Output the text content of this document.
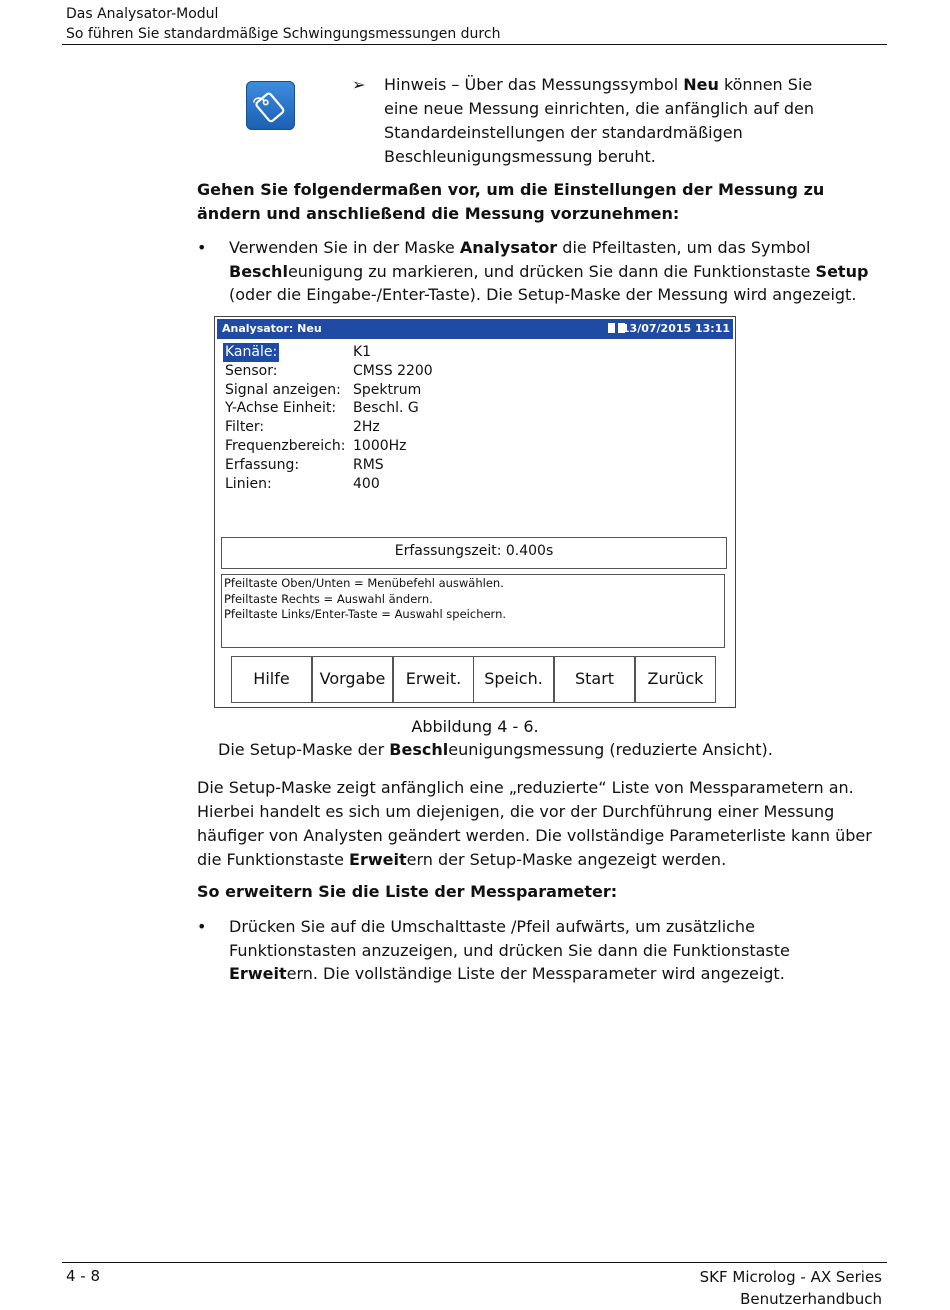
Das Analysator-Modul
So führen Sie standardmäßige Schwingungsmessungen durch
➢ Hinweis – Über das Messungssymbol Neu können Sie eine neue Messung einrichten, die anfänglich auf den Standardeinstellungen der standardmäßigen Beschleunigungsmessung beruht.
Gehen Sie folgendermaßen vor, um die Einstellungen der Messung zu ändern und anschließend die Messung vorzunehmen:
• Verwenden Sie in der Maske Analysator die Pfeiltasten, um das Symbol Beschleunigung zu markieren, und drücken Sie dann die Funktionstaste Setup (oder die Eingabe-/Enter-Taste). Die Setup-Maske der Messung wird angezeigt.
Analysator: Neu	13/07/2015 13:11
Kanäle:	K1
Sensor:	CMSS 2200
Signal anzeigen: Spektrum
Y-Achse Einheit: Beschl. G
Filter:	2Hz
Frequenzbereich: 1000Hz
Erfassung:	RMS
Linien:	400
Erfassungszeit: 0.400s
Pfeiltaste Oben/Unten = Menübefehl auswählen.
Pfeiltaste Rechts = Auswahl ändern.
Pfeiltaste Links/Enter-Taste = Auswahl speichern.
Hilfe	Vorgabe	Erweit.	Speich.	Start	Zurück
Abbildung 4 - 6.
Die Setup-Maske der Beschleunigungsmessung (reduzierte Ansicht).
Die Setup-Maske zeigt anfänglich eine „reduzierte“ Liste von Messparametern an. Hierbei handelt es sich um diejenigen, die vor der Durchführung einer Messung häufiger von Analysten geändert werden. Die vollständige Parameterliste kann über die Funktionstaste Erweitern der Setup-Maske angezeigt werden.
So erweitern Sie die Liste der Messparameter:
• Drücken Sie auf die Umschalttaste /Pfeil aufwärts, um zusätzliche Funktionstasten anzuzeigen, und drücken Sie dann die Funktionstaste Erweitern. Die vollständige Liste der Messparameter wird angezeigt.
4 - 8	SKF Microlog - AX Series
Benutzerhandbuch
